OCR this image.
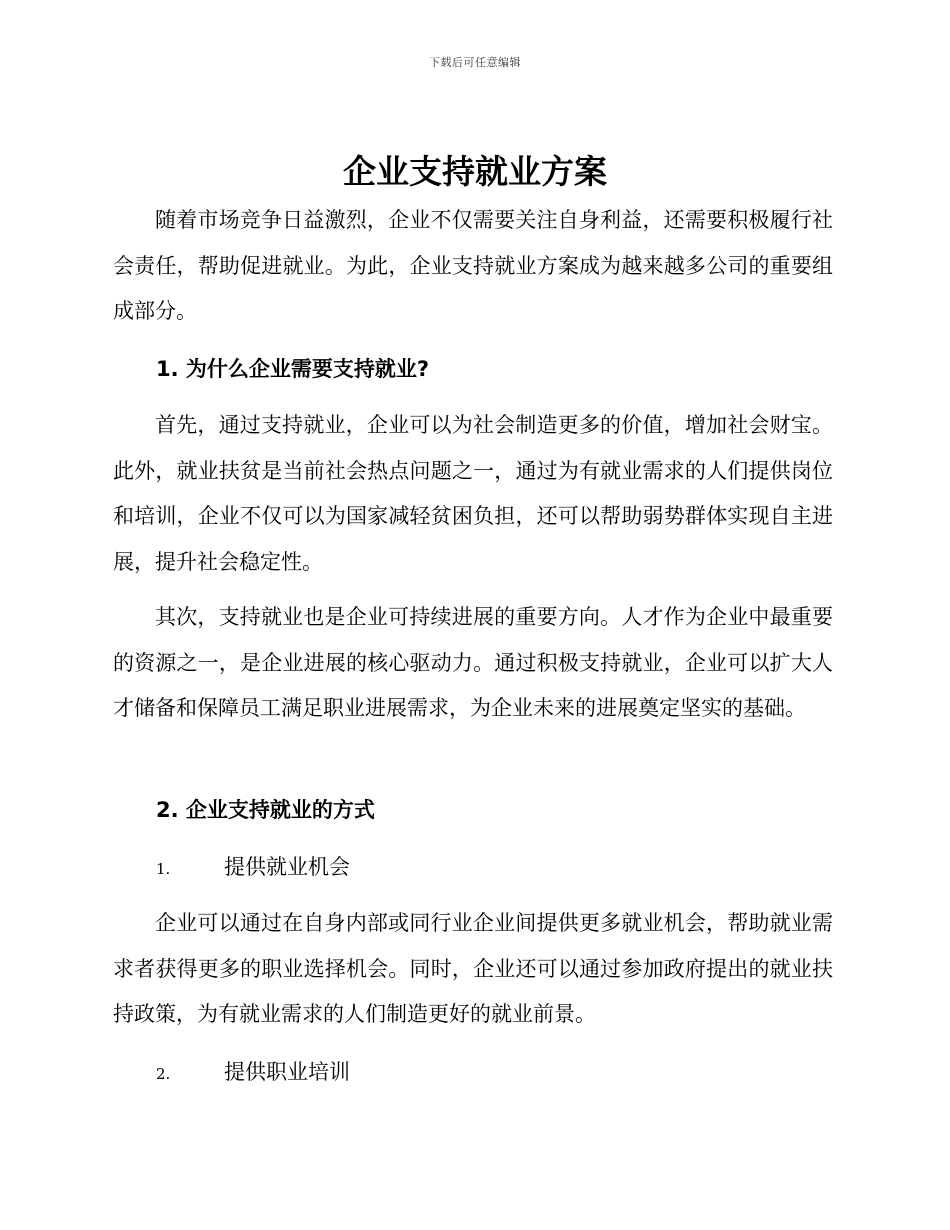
下载后可任意编辑
企业支持就业方案

随着市场竞争日益激烈，企业不仅需要关注自身利益，还需要积极履行社会责任，帮助促进就业。为此，企业支持就业方案成为越来越多公司的重要组成部分。

1. 为什么企业需要支持就业?

首先，通过支持就业，企业可以为社会制造更多的价值，增加社会财宝。此外，就业扶贫是当前社会热点问题之一，通过为有就业需求的人们提供岗位和培训，企业不仅可以为国家减轻贫困负担，还可以帮助弱势群体实现自主进展，提升社会稳定性。

其次，支持就业也是企业可持续进展的重要方向。人才作为企业中最重要的资源之一，是企业进展的核心驱动力。通过积极支持就业，企业可以扩大人才储备和保障员工满足职业进展需求，为企业未来的进展奠定坚实的基础。

2. 企业支持就业的方式
1.	提供就业机会

企业可以通过在自身内部或同行业企业间提供更多就业机会，帮助就业需求者获得更多的职业选择机会。同时，企业还可以通过参加政府提出的就业扶持政策，为有就业需求的人们制造更好的就业前景。

2.	提供职业培训
